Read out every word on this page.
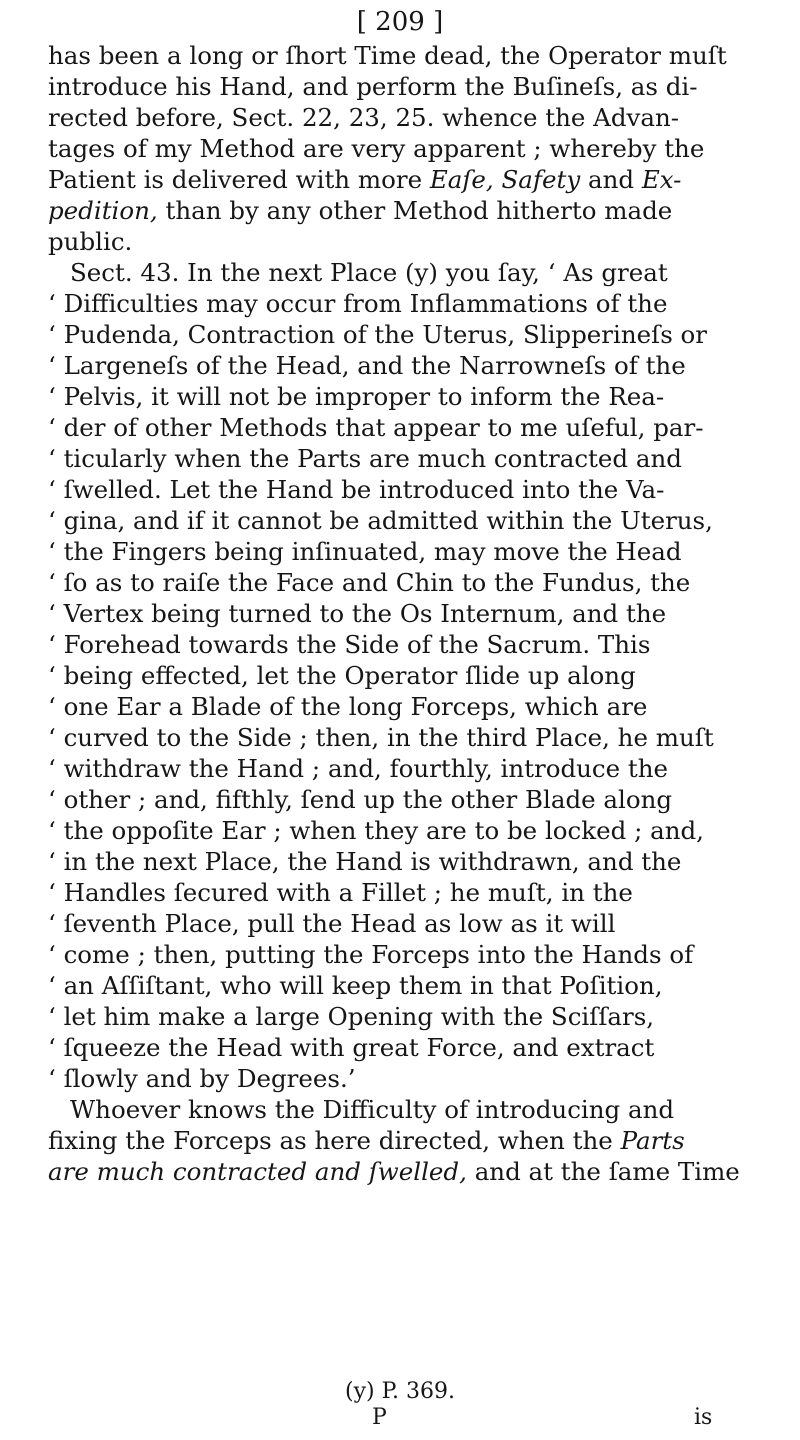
[ 209 ]
has been a long or ſhort Time dead, the Operator muſt
introduce his Hand, and perform the Buſineſs, as di-
rected before, Sect. 22, 23, 25. whence the Advan-
tages of my Method are very apparent ; whereby the
Patient is delivered with more Eaſe, Safety and Ex-
pedition, than by any other Method hitherto made
public.
Sect. 43. In the next Place (y) you ſay, ‘ As great
‘ Difficulties may occur from Inflammations of the
‘ Pudenda, Contraction of the Uterus, Slipperineſs or
‘ Largeneſs of the Head, and the Narrowneſs of the
‘ Pelvis, it will not be improper to inform the Rea-
‘ der of other Methods that appear to me uſeful, par-
‘ ticularly when the Parts are much contracted and
‘ ſwelled. Let the Hand be introduced into the Va-
‘ gina, and if it cannot be admitted within the Uterus,
‘ the Fingers being inſinuated, may move the Head
‘ ſo as to raiſe the Face and Chin to the Fundus, the
‘ Vertex being turned to the Os Internum, and the
‘ Forehead towards the Side of the Sacrum. This
‘ being effected, let the Operator ſlide up along
‘ one Ear a Blade of the long Forceps, which are
‘ curved to the Side ; then, in the third Place, he muſt
‘ withdraw the Hand ; and, fourthly, introduce the
‘ other ; and, fifthly, ſend up the other Blade along
‘ the oppoſite Ear ; when they are to be locked ; and,
‘ in the next Place, the Hand is withdrawn, and the
‘ Handles ſecured with a Fillet ; he muſt, in the
‘ ſeventh Place, pull the Head as low as it will
‘ come ; then, putting the Forceps into the Hands of
‘ an Aſſiſtant, who will keep them in that Poſition,
‘ let him make a large Opening with the Sciſſars,
‘ ſqueeze the Head with great Force, and extract
‘ ſlowly and by Degrees.’
Whoever knows the Difficulty of introducing and
fixing the Forceps as here directed, when the Parts
are much contracted and ſwelled, and at the ſame Time
(y) P. 369.
P	is
